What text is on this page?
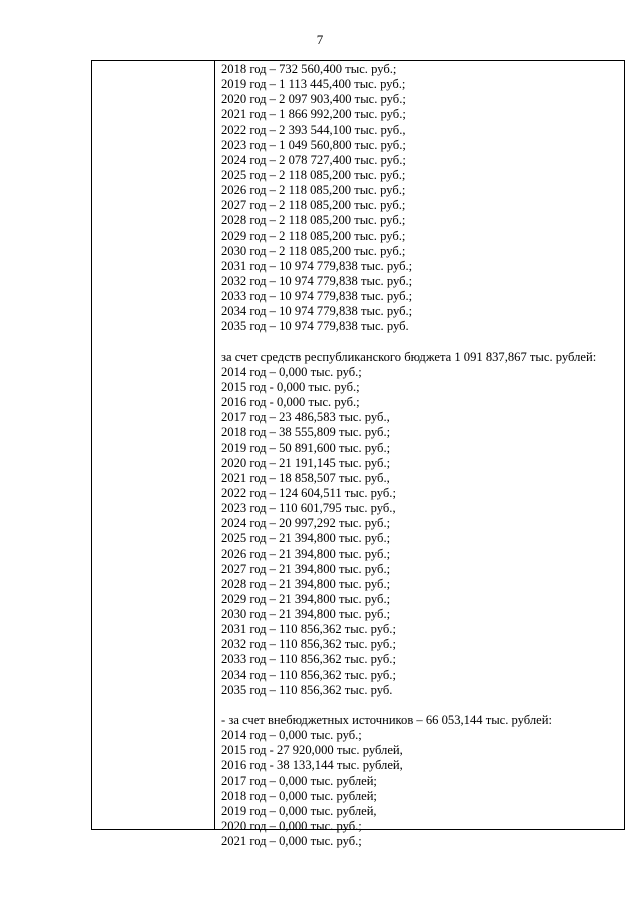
7
2018 год – 732 560,400 тыс. руб.;
2019 год – 1 113 445,400 тыс. руб.;
2020 год – 2 097 903,400 тыс. руб.;
2021 год – 1 866 992,200 тыс. руб.;
2022 год – 2 393 544,100 тыс. руб.,
2023 год – 1 049 560,800 тыс. руб.;
2024 год – 2 078 727,400 тыс. руб.;
2025 год – 2 118 085,200 тыс. руб.;
2026 год – 2 118 085,200 тыс. руб.;
2027 год – 2 118 085,200 тыс. руб.;
2028 год – 2 118 085,200 тыс. руб.;
2029 год – 2 118 085,200 тыс. руб.;
2030 год – 2 118 085,200 тыс. руб.;
2031 год – 10 974 779,838 тыс. руб.;
2032 год – 10 974 779,838 тыс. руб.;
2033 год – 10 974 779,838 тыс. руб.;
2034 год – 10 974 779,838 тыс. руб.;
2035 год – 10 974 779,838 тыс. руб.
за счет средств республиканского бюджета 1 091 837,867 тыс. рублей:
2014 год – 0,000 тыс. руб.;
2015 год - 0,000 тыс. руб.;
2016 год - 0,000 тыс. руб.;
2017 год – 23 486,583 тыс. руб.,
2018 год – 38 555,809 тыс. руб.;
2019 год – 50 891,600 тыс. руб.;
2020 год – 21 191,145 тыс. руб.;
2021 год – 18 858,507 тыс. руб.,
2022 год – 124 604,511 тыс. руб.;
2023 год – 110 601,795 тыс. руб.,
2024 год – 20 997,292 тыс. руб.;
2025 год – 21 394,800 тыс. руб.;
2026 год – 21 394,800 тыс. руб.;
2027 год – 21 394,800 тыс. руб.;
2028 год – 21 394,800 тыс. руб.;
2029 год – 21 394,800 тыс. руб.;
2030 год – 21 394,800 тыс. руб.;
2031 год – 110 856,362 тыс. руб.;
2032 год – 110 856,362 тыс. руб.;
2033 год – 110 856,362 тыс. руб.;
2034 год – 110 856,362 тыс. руб.;
2035 год – 110 856,362 тыс. руб.
- за счет внебюджетных источников – 66 053,144 тыс. рублей:
2014 год – 0,000 тыс. руб.;
2015 год - 27 920,000 тыс. рублей,
2016 год - 38 133,144 тыс. рублей,
2017 год – 0,000 тыс. рублей;
2018 год – 0,000 тыс. рублей;
2019 год – 0,000 тыс. рублей,
2020 год – 0,000 тыс. руб.;
2021 год – 0,000 тыс. руб.;
